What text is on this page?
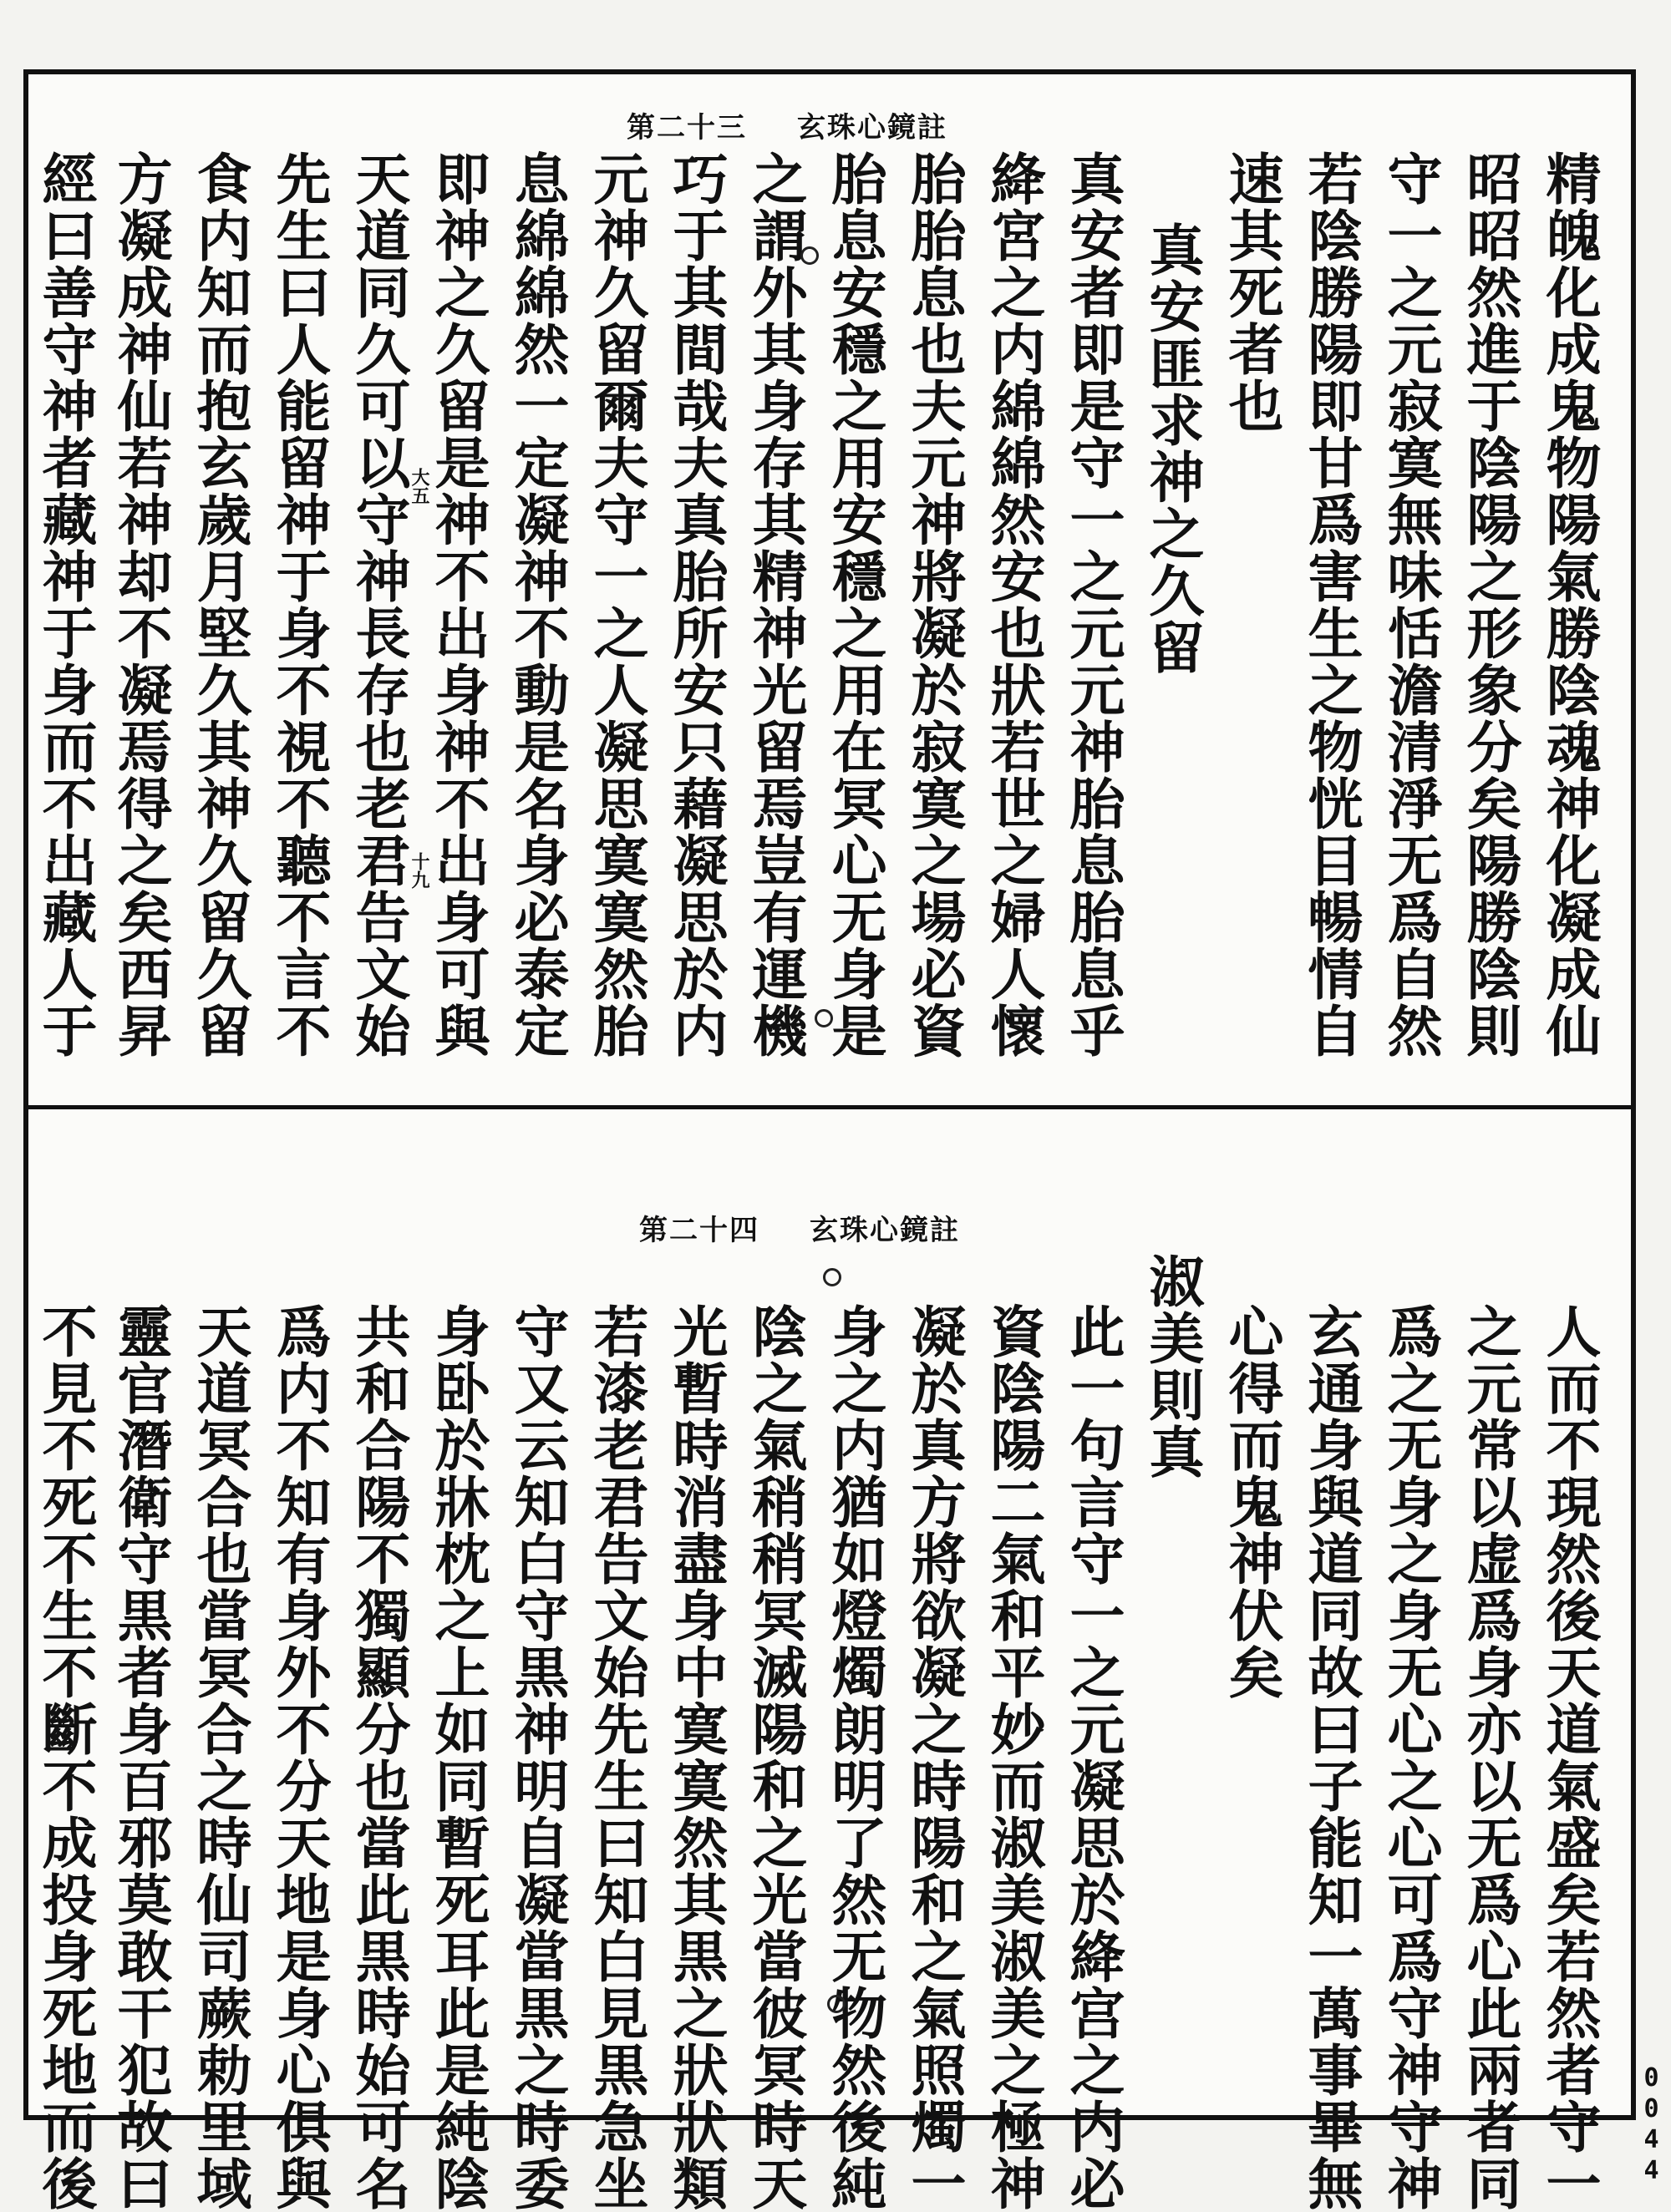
第二十三 玄珠心鏡註
精魄化成鬼物陽氣勝陰魂神化凝成仙
昭昭然進于陰陽之形象分矣陽勝陰則
守一之元寂寞無味恬澹清淨无爲自然
若陰勝陽即甘爲害生之物恍目暢情自
速其死者也
真安匪求神之久留
真安者即是守一之元元神胎息胎息乎
絳宮之内綿綿然安也狀若世之婦人懷
胎胎息也夫元神將凝於寂寞之場必資
胎息安穩之用安穩之用在冥心无身是
之謂外其身存其精神光留焉豈有運機
巧于其間哉夫真胎所安只藉凝思於内
元神久留爾夫守一之人凝思寞寞然胎
息綿綿然一定凝神不動是名身必泰定
即神之久留是神不出身神不出身可與
天道同久可以守神長存也老君告文始
先生曰人能留神于身不視不聽不言不
食内知而抱玄歲月堅久其神久留久留
方凝成神仙若神却不凝焉得之矣西昇
經曰善守神者藏神于身而不出藏人于	大五
十九
第二十四 玄珠心鏡註
人而不現然後天道氣盛矣若然者守一
之元常以虚爲身亦以无爲心此兩者同
爲之无身之身无心之心可爲守神守神
玄通身與道同故曰子能知一萬事畢無
心得而鬼神伏矣
淑美則真
此一句言守一之元凝思於絳宫之内必
資陰陽二氣和平妙而淑美淑美之極神
凝於真方將欲凝之時陽和之氣照燭一
身之内猶如燈燭朗明了然无物然後純
陰之氣稍稍冥滅陽和之光當彼冥時天
光暫時消盡身中寞寞然其黒之狀狀類
若漆老君告文始先生曰知白見黒急坐
守又云知白守黒神明自凝當黒之時委
身卧於牀枕之上如同暫死耳此是純陰
共和合陽不獨顯分也當此黒時始可名
爲内不知有身外不分天地是身心俱與
天道冥合也當冥合之時仙司蕨勅里域
靈官潛衛守黒者身百邪莫敢干犯故曰
不見不死不生不斷不成投身死地而後	0044
